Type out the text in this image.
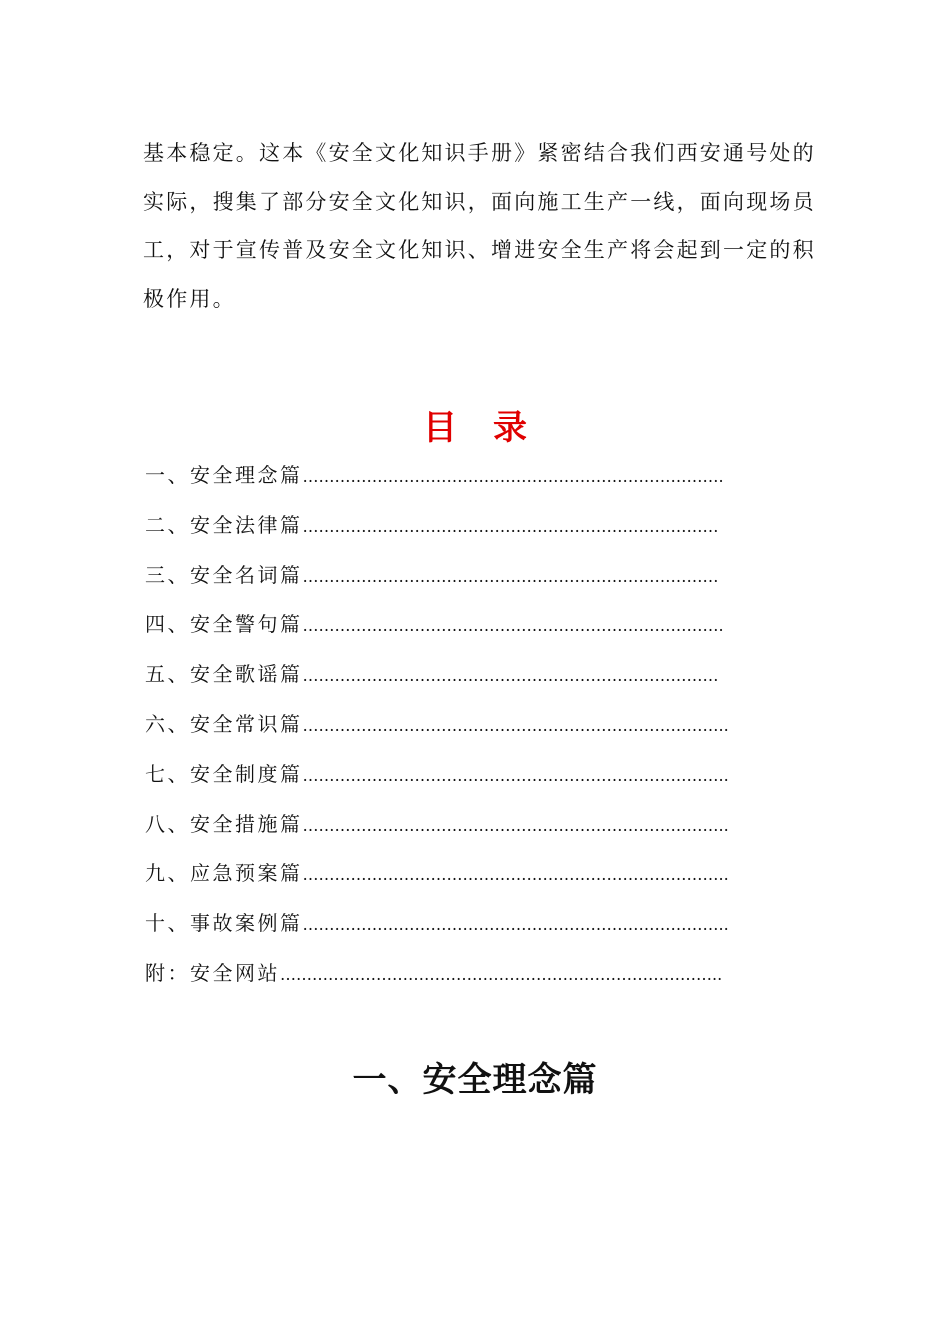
基本稳定。这本《安全文化知识手册》紧密结合我们西安通号处的
实际，搜集了部分安全文化知识，面向施工生产一线，面向现场员
工，对于宣传普及安全文化知识、增进安全生产将会起到一定的积
极作用。
目 录
一、安全理念篇…………………………………………………………………….
二、安全法律篇……………………………………………………………………
三、安全名词篇……………………………………………………………………
四、安全警句篇…………………………………………………………………….
五、安全歌谣篇……………………………………………………………………
六、安全常识篇……………………………………………………………………..
七、安全制度篇……………………………………………………………………..
八、安全措施篇……………………………………………………………………..
九、应急预案篇……………………………………………………………………..
十、事故案例篇……………………………………………………………………..
附：安全网站………………………………………………………………………..
一、安全理念篇
